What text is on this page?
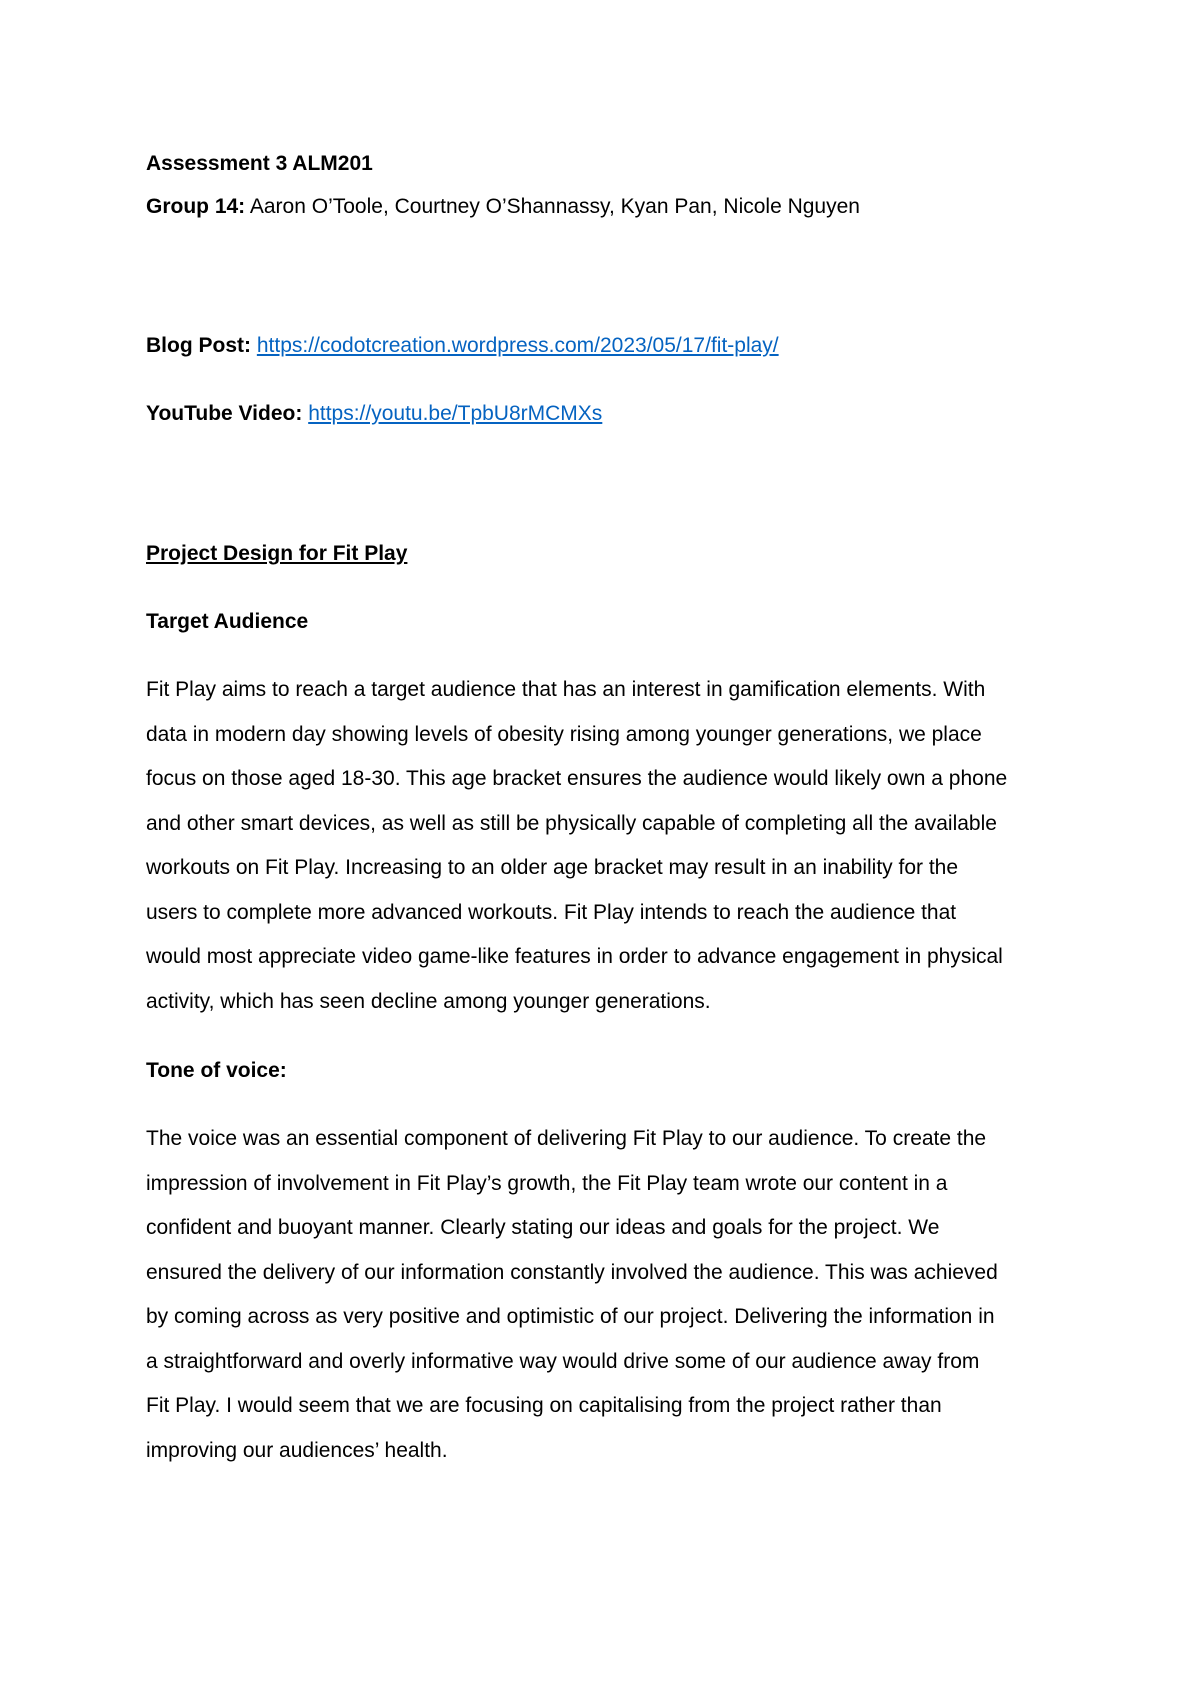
Assessment 3 ALM201
Group 14: Aaron O’Toole, Courtney O’Shannassy, Kyan Pan, Nicole Nguyen
Blog Post: https://codotcreation.wordpress.com/2023/05/17/fit-play/
YouTube Video: https://youtu.be/TpbU8rMCMXs
Project Design for Fit Play
Target Audience
Fit Play aims to reach a target audience that has an interest in gamification elements. With
data in modern day showing levels of obesity rising among younger generations, we place
focus on those aged 18-30. This age bracket ensures the audience would likely own a phone
and other smart devices, as well as still be physically capable of completing all the available
workouts on Fit Play. Increasing to an older age bracket may result in an inability for the
users to complete more advanced workouts. Fit Play intends to reach the audience that
would most appreciate video game-like features in order to advance engagement in physical
activity, which has seen decline among younger generations.
Tone of voice:
The voice was an essential component of delivering Fit Play to our audience. To create the
impression of involvement in Fit Play’s growth, the Fit Play team wrote our content in a
confident and buoyant manner. Clearly stating our ideas and goals for the project. We
ensured the delivery of our information constantly involved the audience. This was achieved
by coming across as very positive and optimistic of our project. Delivering the information in
a straightforward and overly informative way would drive some of our audience away from
Fit Play. I would seem that we are focusing on capitalising from the project rather than
improving our audiences’ health.
